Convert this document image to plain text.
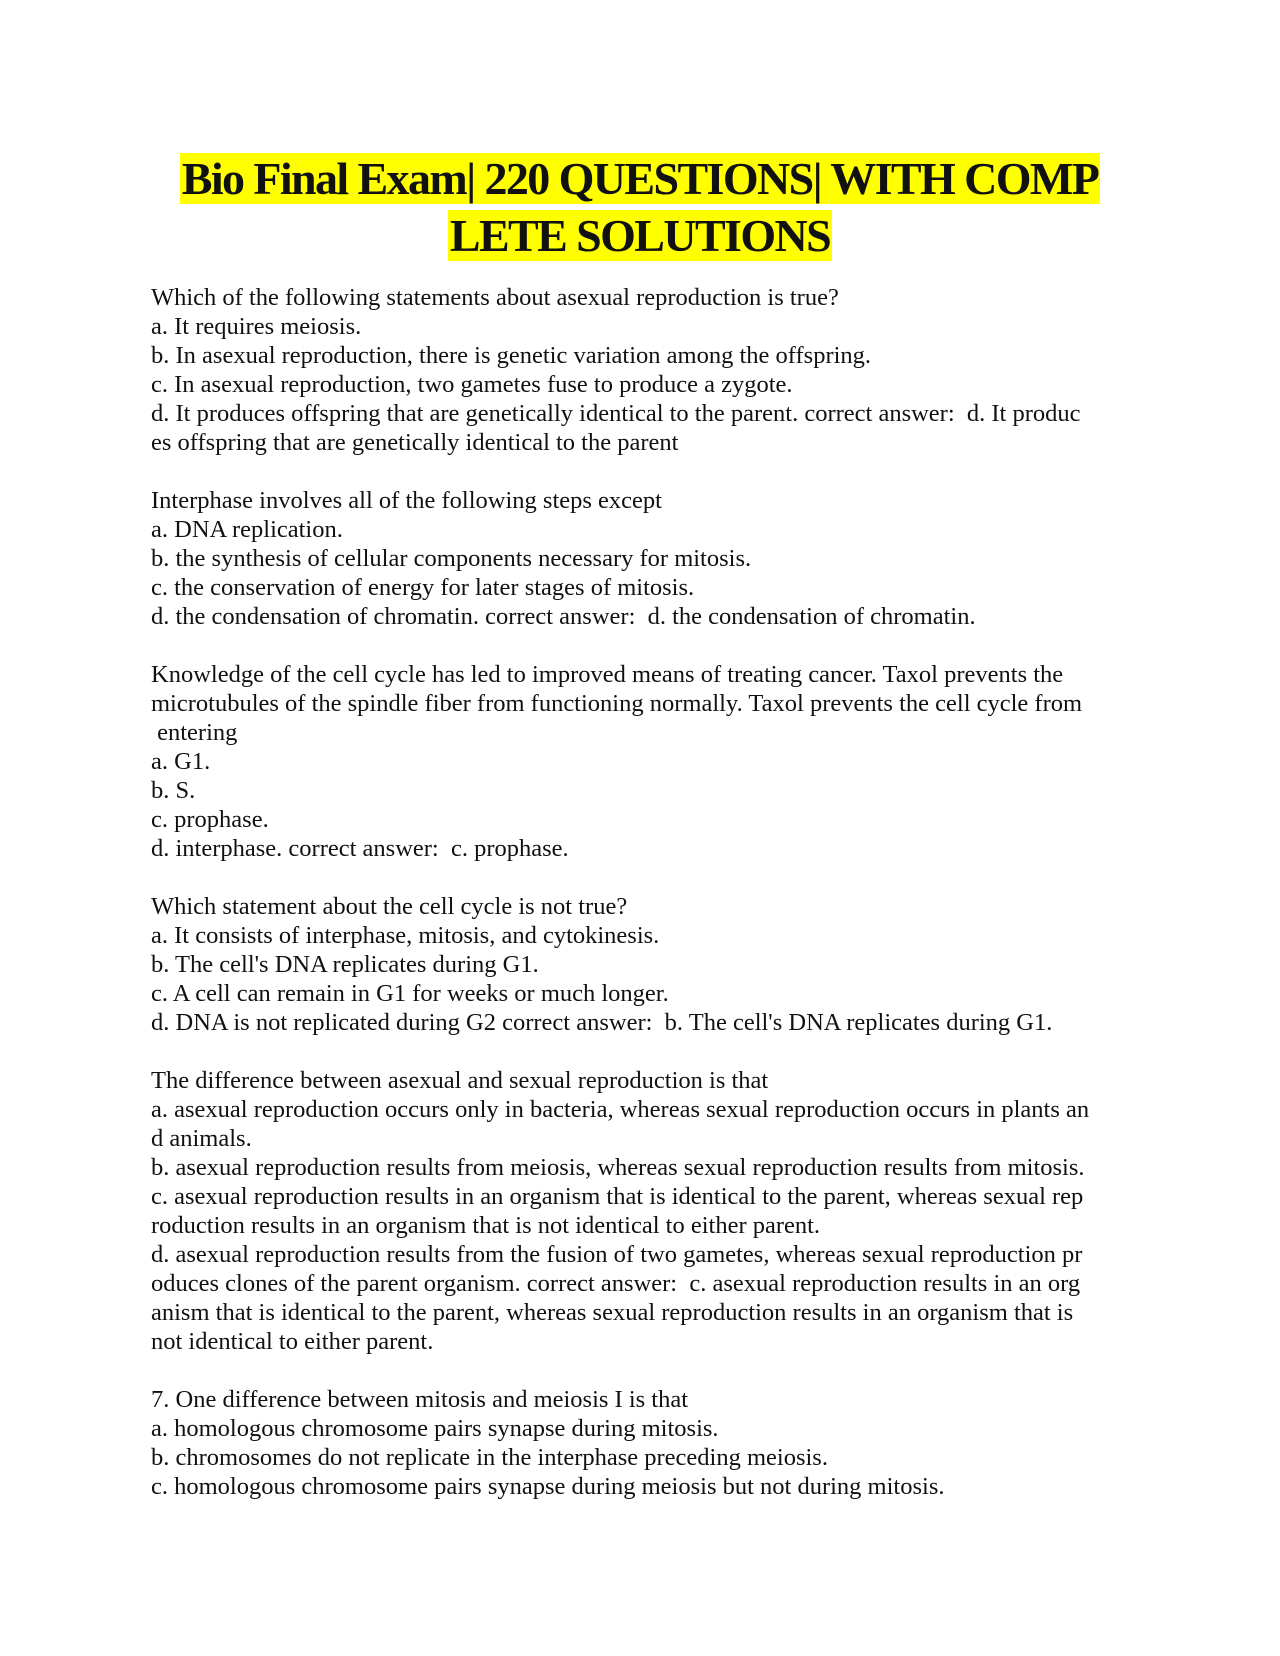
Bio Final Exam| 220 QUESTIONS| WITH COMP
LETE SOLUTIONS
Which of the following statements about asexual reproduction is true?
a. It requires meiosis.
b. In asexual reproduction, there is genetic variation among the offspring.
c. In asexual reproduction, two gametes fuse to produce a zygote.
d. It produces offspring that are genetically identical to the parent. correct answer:  d. It produc
es offspring that are genetically identical to the parent
Interphase involves all of the following steps except
a. DNA replication.
b. the synthesis of cellular components necessary for mitosis.
c. the conservation of energy for later stages of mitosis.
d. the condensation of chromatin. correct answer:  d. the condensation of chromatin.
Knowledge of the cell cycle has led to improved means of treating cancer. Taxol prevents the
microtubules of the spindle fiber from functioning normally. Taxol prevents the cell cycle from
entering
a. G1.
b. S.
c. prophase.
d. interphase. correct answer:  c. prophase.
Which statement about the cell cycle is not true?
a. It consists of interphase, mitosis, and cytokinesis.
b. The cell's DNA replicates during G1.
c. A cell can remain in G1 for weeks or much longer.
d. DNA is not replicated during G2 correct answer:  b. The cell's DNA replicates during G1.
The difference between asexual and sexual reproduction is that
a. asexual reproduction occurs only in bacteria, whereas sexual reproduction occurs in plants an
d animals.
b. asexual reproduction results from meiosis, whereas sexual reproduction results from mitosis.
c. asexual reproduction results in an organism that is identical to the parent, whereas sexual rep
roduction results in an organism that is not identical to either parent.
d. asexual reproduction results from the fusion of two gametes, whereas sexual reproduction pr
oduces clones of the parent organism. correct answer:  c. asexual reproduction results in an org
anism that is identical to the parent, whereas sexual reproduction results in an organism that is
not identical to either parent.
7. One difference between mitosis and meiosis I is that
a. homologous chromosome pairs synapse during mitosis.
b. chromosomes do not replicate in the interphase preceding meiosis.
c. homologous chromosome pairs synapse during meiosis but not during mitosis.
